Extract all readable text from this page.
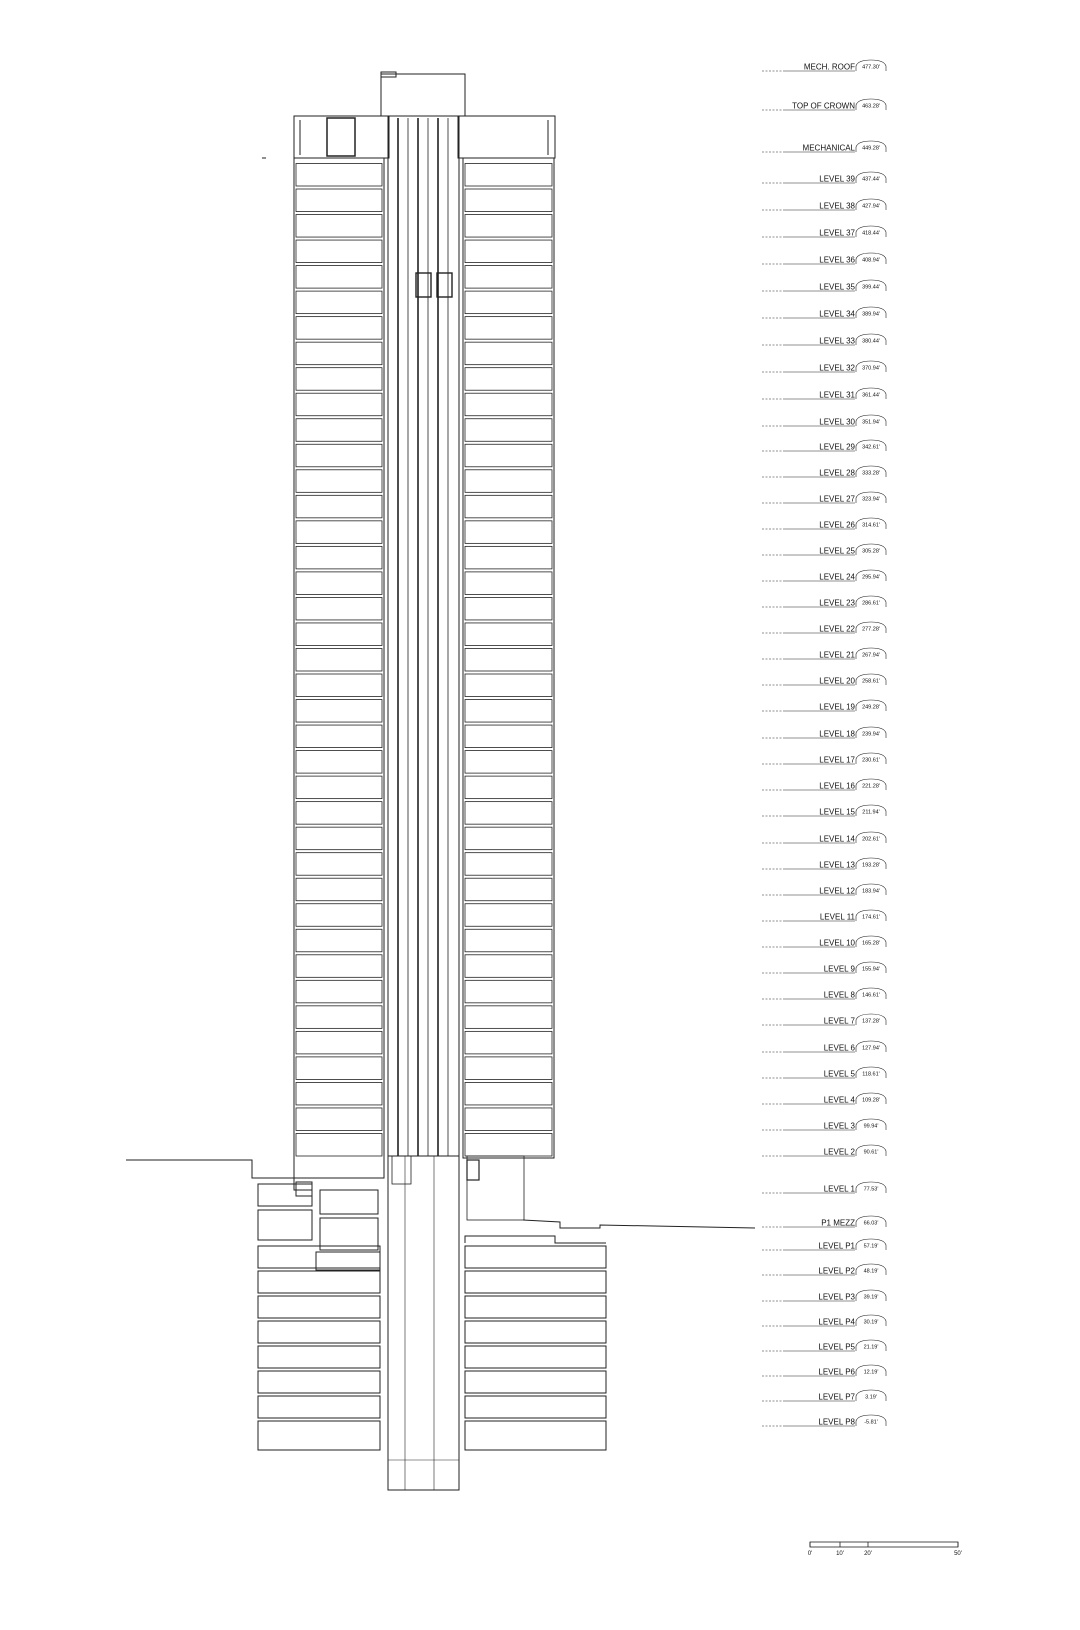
MECH. ROOF 477.30'
TOP OF CROWN 463.28'
MECHANICAL 449.28'
LEVEL 39 437.44'
LEVEL 38 427.94'
LEVEL 37 418.44'
LEVEL 36 408.94'
LEVEL 35 399.44'
LEVEL 34 389.94'
LEVEL 33 380.44'
LEVEL 32 370.94'
LEVEL 31 361.44'
LEVEL 30 351.94'
LEVEL 29 342.61'
LEVEL 28 333.28'
LEVEL 27 323.94'
LEVEL 26 314.61'
LEVEL 25 305.28'
LEVEL 24 295.94'
LEVEL 23 286.61'
LEVEL 22 277.28'
LEVEL 21 267.94'
LEVEL 20 258.61'
LEVEL 19 249.28'
LEVEL 18 239.94'
LEVEL 17 230.61'
LEVEL 16 221.28'
LEVEL 15 211.94'
LEVEL 14 202.61'
LEVEL 13 193.28'
LEVEL 12 183.94'
LEVEL 11 174.61'
LEVEL 10 165.28'
LEVEL 9 155.94'
LEVEL 8 146.61'
LEVEL 7 137.28'
LEVEL 6 127.94'
LEVEL 5 118.61'
LEVEL 4 109.28'
LEVEL 3 99.94'
LEVEL 2 90.61'
LEVEL 1 77.53'
P1 MEZZ 66.03'
LEVEL P1 57.19'
LEVEL P2 48.19'
LEVEL P3 39.19'
LEVEL P4 30.19'
LEVEL P5 21.19'
LEVEL P6 12.19'
LEVEL P7 3.19'
LEVEL P8 -5.81'
0'	10'	20'	50'
